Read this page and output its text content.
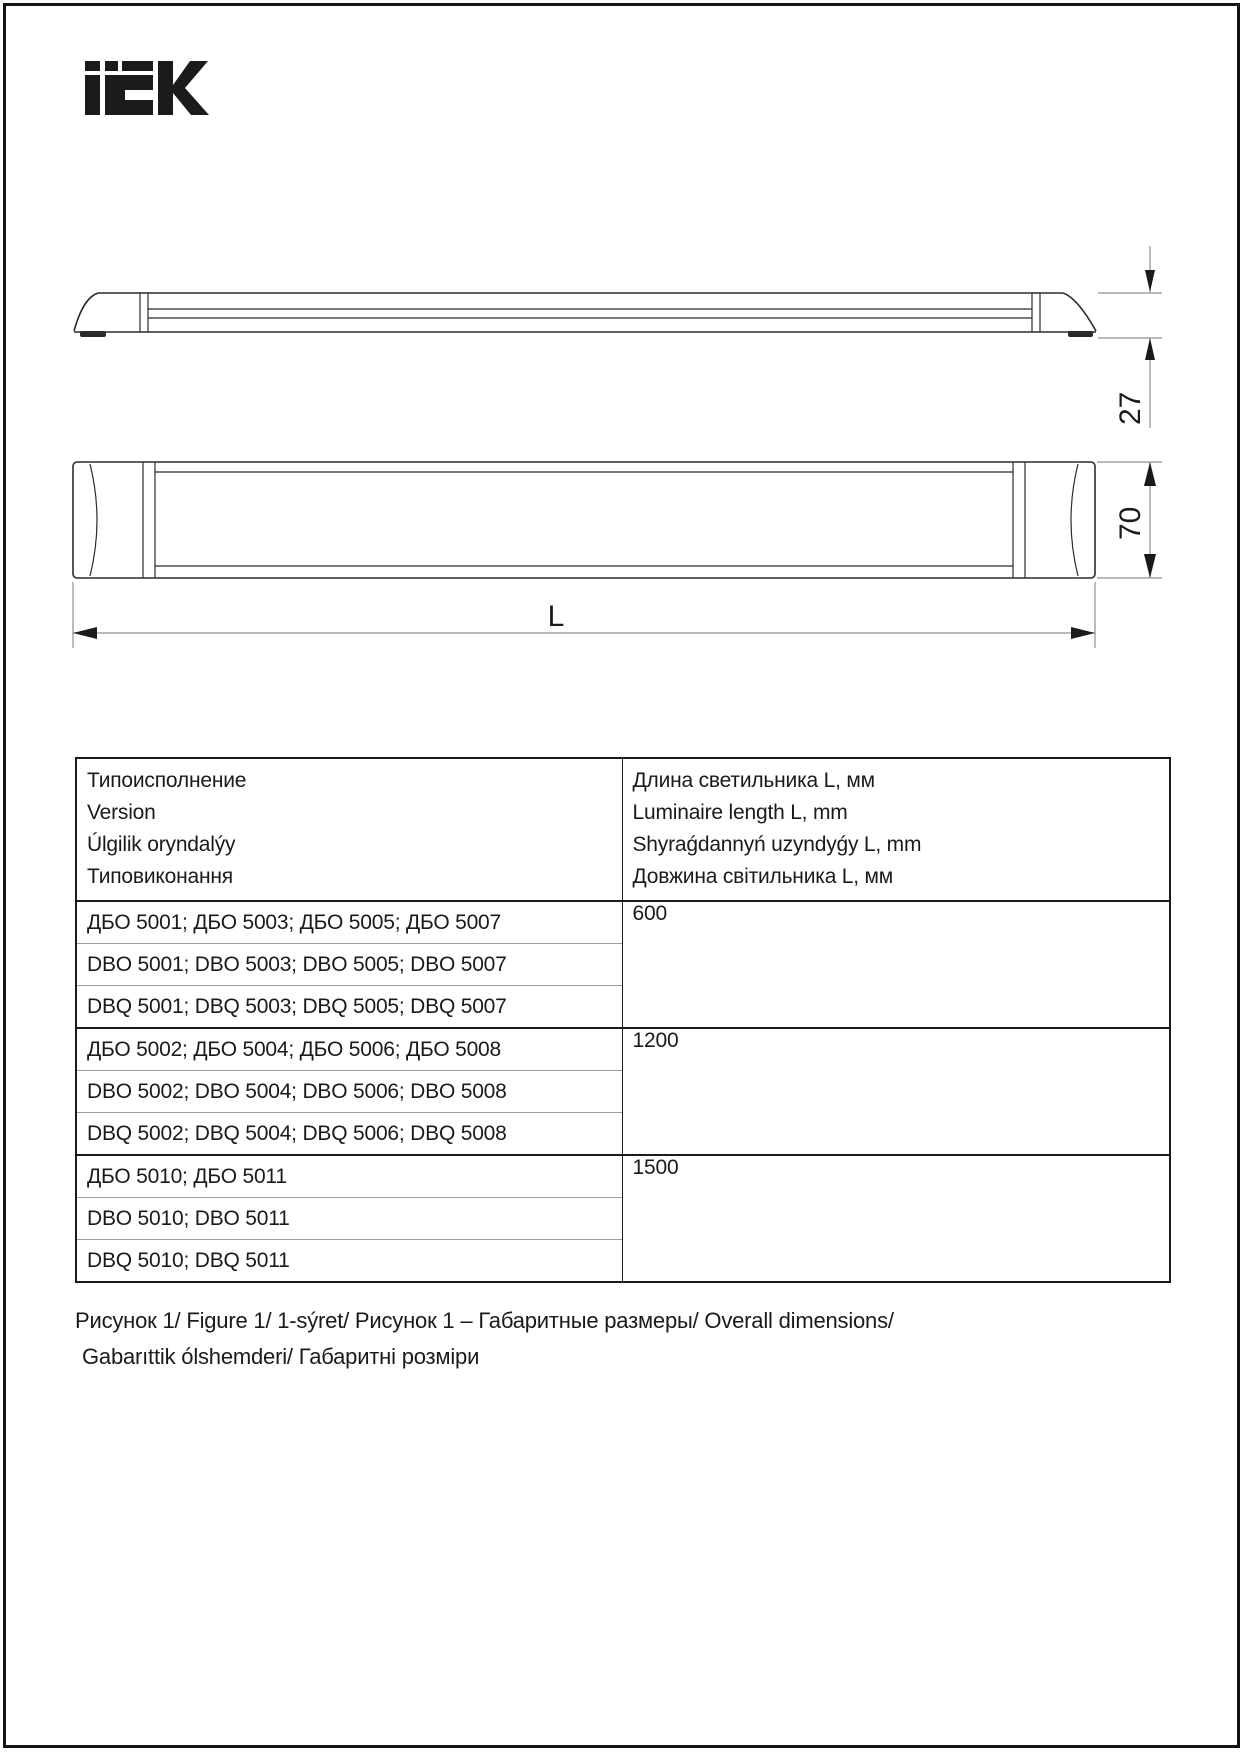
27
70
L
Типоисполнение
Version
Úlgilik oryndalýy
Типовиконання

Длина светильника L, мм
Luminaire length L, mm
Shyraǵdannyń uzyndyǵy L, mm
Довжина світильника L, мм

ДБО 5001; ДБО 5003; ДБО 5005; ДБО 5007	600
DBO 5001; DBO 5003; DBO 5005; DBO 5007	
DBQ 5001; DBQ 5003; DBQ 5005; DBQ 5007	
ДБО 5002; ДБО 5004; ДБО 5006; ДБО 5008	1200
DBO 5002; DBO 5004; DBO 5006; DBO 5008	
DBQ 5002; DBQ 5004; DBQ 5006; DBQ 5008	
ДБО 5010; ДБО 5011	1500
DBO 5010; DBO 5011	
DBQ 5010; DBQ 5011	
Рисунок 1/ Figure 1/ 1-sýret/ Рисунок 1 – Габаритные размеры/ Overall dimensions/
Gabarıttik ólshemderi/ Габаритні розміри
